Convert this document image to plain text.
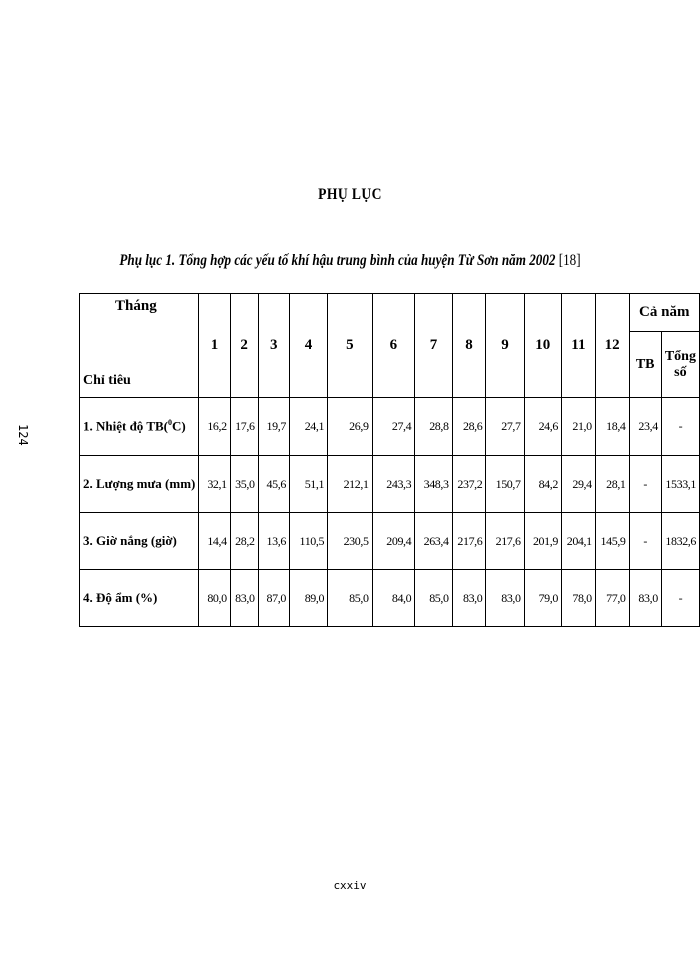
PHỤ LỤC
Phụ lục 1. Tổng hợp các yếu tố khí hậu trung bình của huyện Từ Sơn năm 2002 [18]
124
Tháng
Chỉ tiêu	1	2	3	4	5	6	7	8	9	10	11	12	Cả năm	
													TB	Tổng số
1. Nhiệt độ TB($^0$C)	16,2	17,6	19,7	24,1	26,9	27,4	28,8	28,6	27,7	24,6	21,0	18,4	23,4	-
2. Lượng mưa (mm)	32,1	35,0	45,6	51,1	212,1	243,3	348,3	237,2	150,7	84,2	29,4	28,1	-	1533,1
3. Giờ nắng (giờ)	14,4	28,2	13,6	110,5	230,5	209,4	263,4	217,6	217,6	201,9	204,1	145,9	-	1832,6
4. Độ ẩm (%)	80,0	83,0	87,0	89,0	85,0	84,0	85,0	83,0	83,0	79,0	78,0	77,0	83,0	-
cxxiv
